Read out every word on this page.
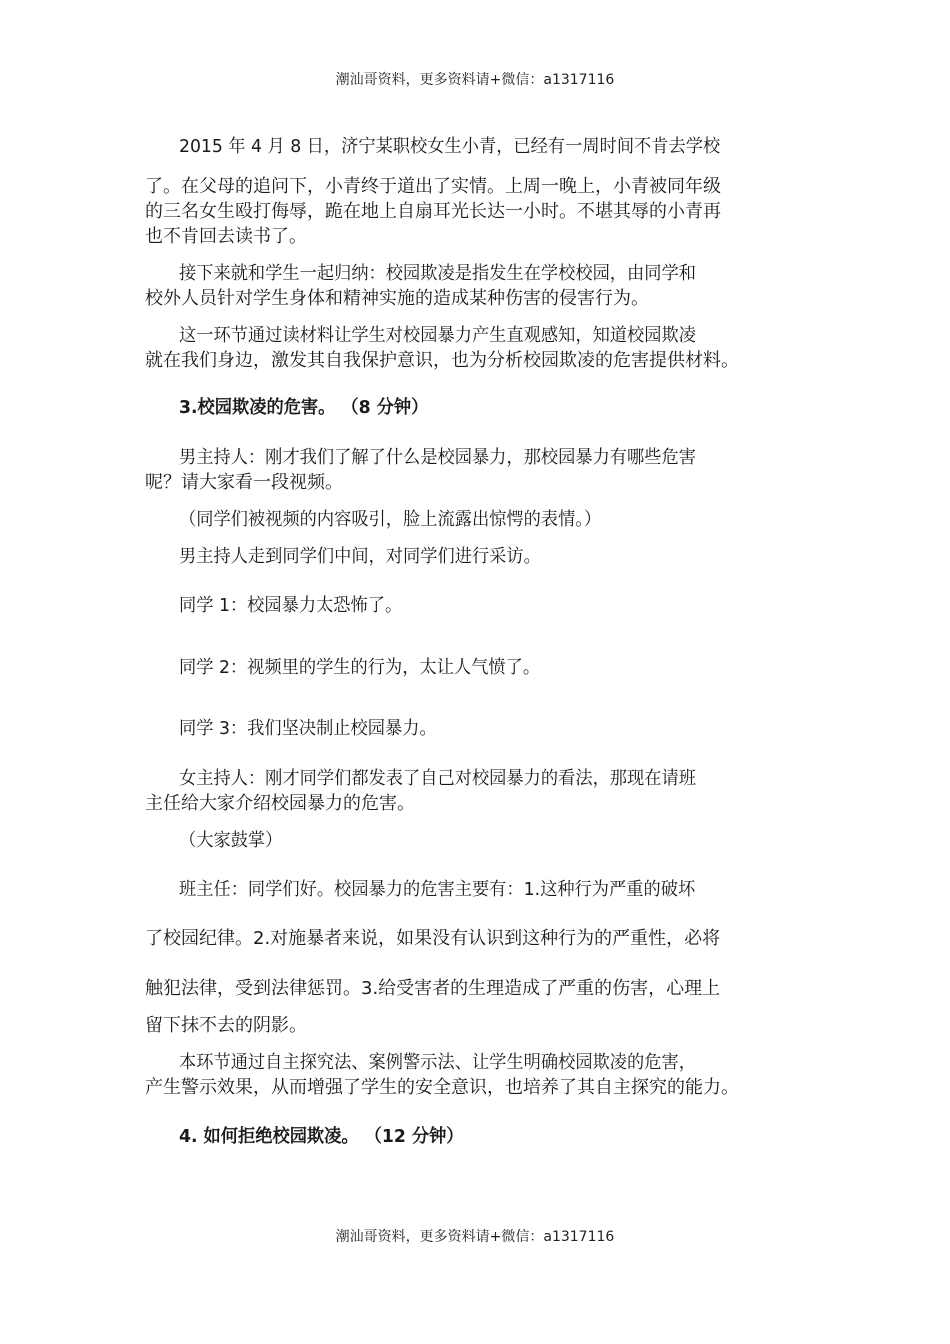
潮汕哥资料，更多资料请+微信：a1317116
2015 年 4 月 8 日，济宁某职校女生小青，已经有一周时间不肯去学校
了。在父母的追问下，小青终于道出了实情。上周一晚上，小青被同年级
的三名女生殴打侮辱，跪在地上自扇耳光长达一小时。不堪其辱的小青再
也不肯回去读书了。
接下来就和学生一起归纳：校园欺凌是指发生在学校校园，由同学和
校外人员针对学生身体和精神实施的造成某种伤害的侵害行为。
这一环节通过读材料让学生对校园暴力产生直观感知，知道校园欺凌
就在我们身边，激发其自我保护意识，也为分析校园欺凌的危害提供材料。
3.校园欺凌的危害。 （8 分钟）
男主持人：刚才我们了解了什么是校园暴力，那校园暴力有哪些危害
呢？请大家看一段视频。
（同学们被视频的内容吸引，脸上流露出惊愕的表情。）
男主持人走到同学们中间，对同学们进行采访。
同学 1：校园暴力太恐怖了。
同学 2：视频里的学生的行为，太让人气愤了。
同学 3：我们坚决制止校园暴力。
女主持人：刚才同学们都发表了自己对校园暴力的看法，那现在请班
主任给大家介绍校园暴力的危害。
（大家鼓掌）
班主任：同学们好。校园暴力的危害主要有：1.这种行为严重的破坏
了校园纪律。2.对施暴者来说，如果没有认识到这种行为的严重性，必将
触犯法律，受到法律惩罚。3.给受害者的生理造成了严重的伤害，心理上
留下抹不去的阴影。
本环节通过自主探究法、案例警示法、让学生明确校园欺凌的危害，
产生警示效果，从而增强了学生的安全意识，也培养了其自主探究的能力。
4. 如何拒绝校园欺凌。 （12 分钟）
潮汕哥资料，更多资料请+微信：a1317116
